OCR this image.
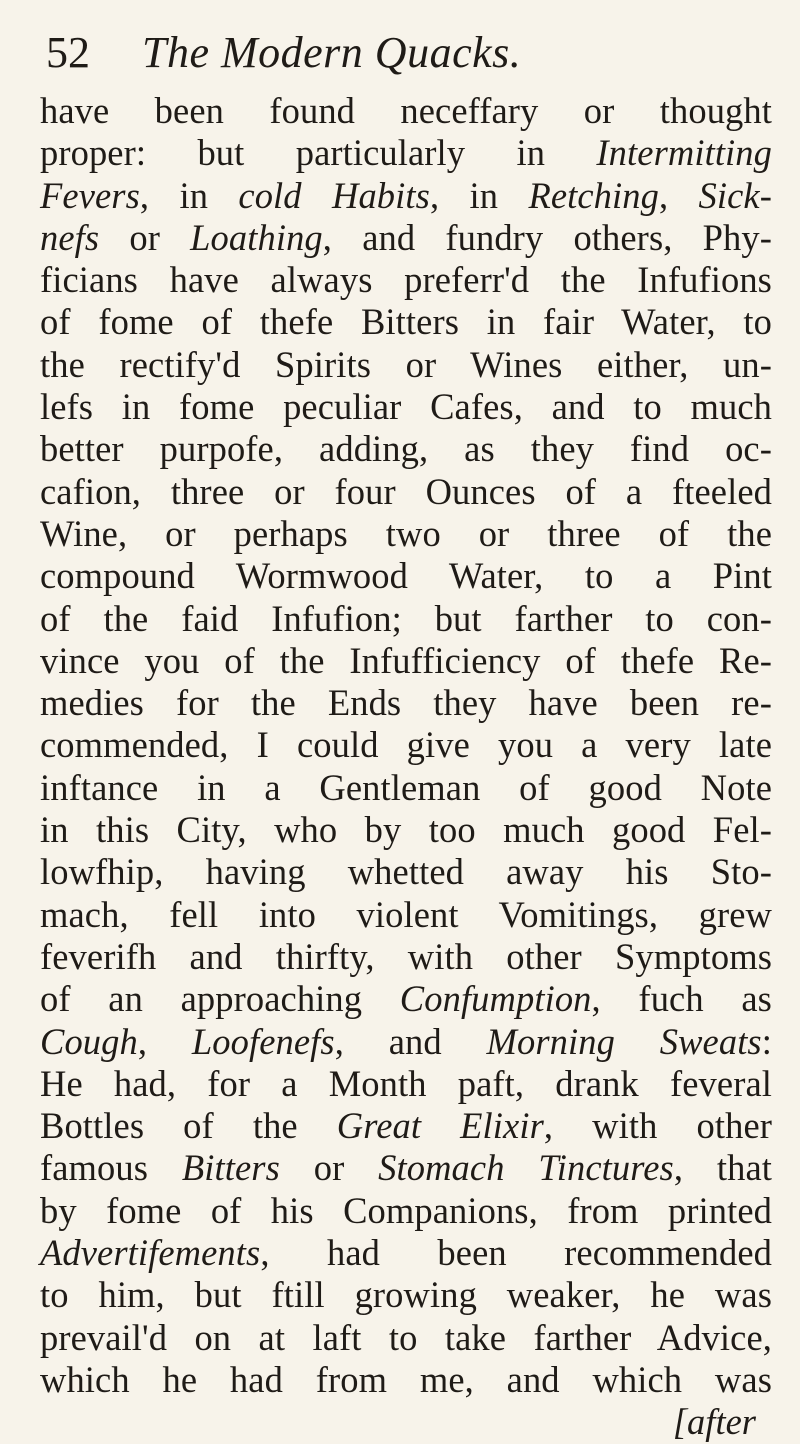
52	The Modern Quacks.
have been found neceffary or thought
proper: but particularly in Intermitting
Fevers, in cold Habits, in Retching, Sick-
nefs or Loathing, and fundry others, Phy-
ficians have always preferr'd the Infufions
of fome of thefe Bitters in fair Water, to
the rectify'd Spirits or Wines either, un-
lefs in fome peculiar Cafes, and to much
better purpofe, adding, as they find oc-
cafion, three or four Ounces of a fteeled
Wine, or perhaps two or three of the
compound Wormwood Water, to a Pint
of the faid Infufion; but farther to con-
vince you of the Infufficiency of thefe Re-
medies for the Ends they have been re-
commended, I could give you a very late
inftance in a Gentleman of good Note
in this City, who by too much good Fel-
lowfhip, having whetted away his Sto-
mach, fell into violent Vomitings, grew
feverifh and thirfty, with other Symptoms
of an approaching Confumption, fuch as
Cough, Loofenefs, and Morning Sweats:
He had, for a Month paft, drank feveral
Bottles of the Great Elixir, with other
famous Bitters or Stomach Tinctures, that
by fome of his Companions, from printed
Advertifements, had been recommended
to him, but ftill growing weaker, he was
prevail'd on at laft to take farther Advice,
which he had from me, and which was
[after
